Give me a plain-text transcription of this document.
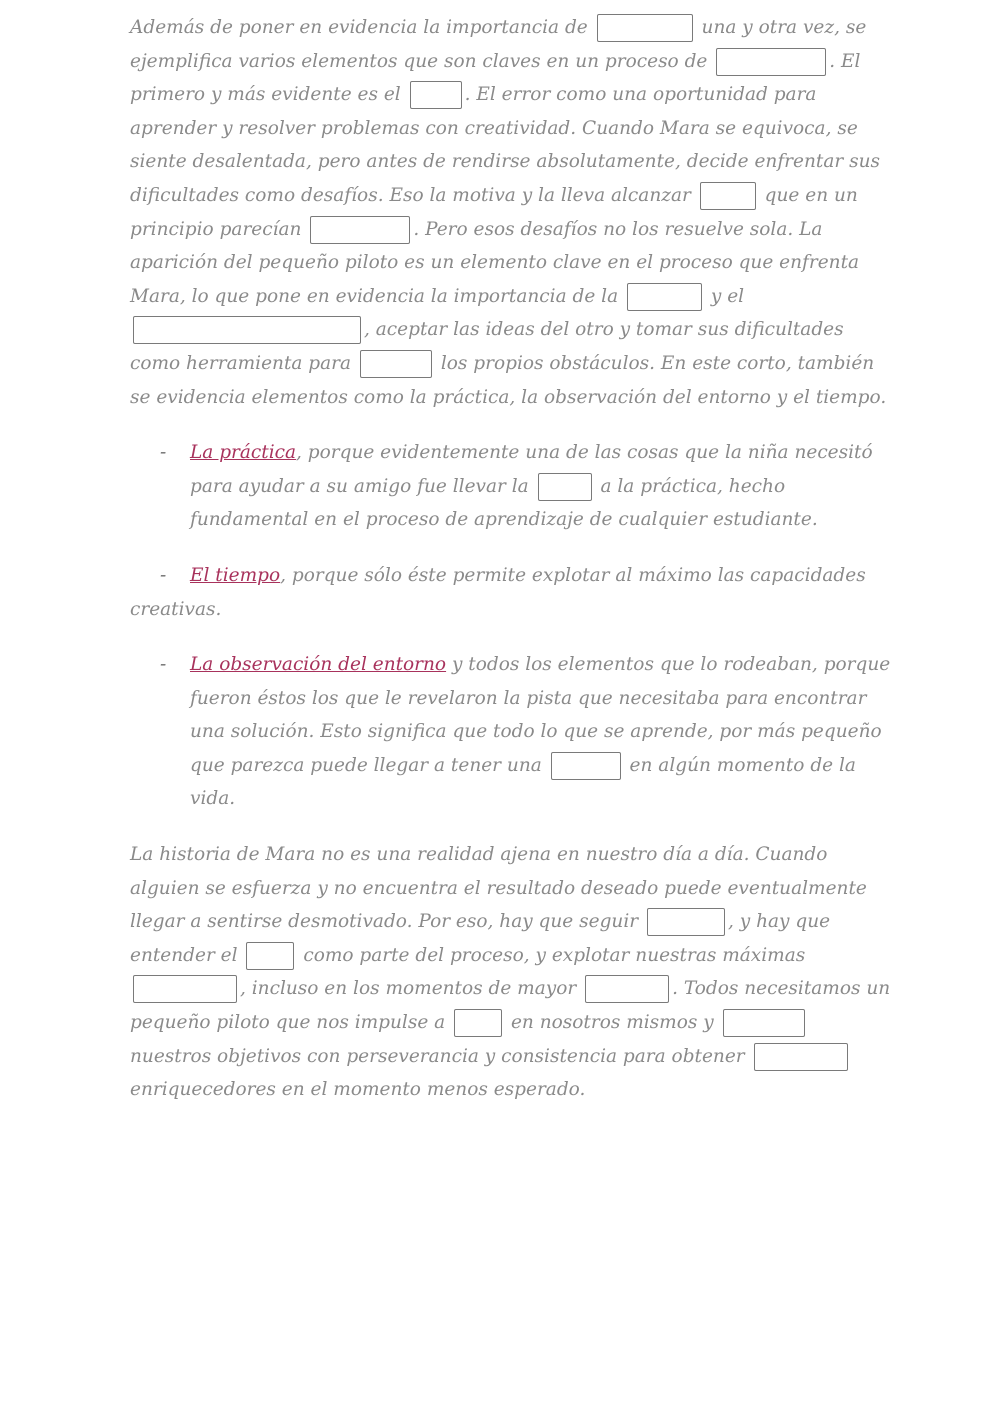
Además de poner en evidencia la importancia de	una y otra vez, se ejemplifica varios elementos que son claves en un proceso de	. El primero y más evidente es el	. El error como una oportunidad para aprender y resolver problemas con creatividad. Cuando Mara se equivoca, se siente desalentada, pero antes de rendirse absolutamente, decide enfrentar sus dificultades como desafíos. Eso la motiva y la lleva alcanzar	que en un principio parecían	. Pero esos desafíos no los resuelve sola. La aparición del pequeño piloto es un elemento clave en el proceso que enfrenta Mara, lo que pone en evidencia la importancia de la	y el , aceptar las ideas del otro y tomar sus dificultades como herramienta para	los propios obstáculos. En este corto, también se evidencia elementos como la práctica, la observación del entorno y el tiempo.

- La práctica, porque evidentemente una de las cosas que la niña necesitó para ayudar a su amigo fue llevar la	a la práctica, hecho fundamental en el proceso de aprendizaje de cualquier estudiante.

- El tiempo, porque sólo éste permite explotar al máximo las capacidades creativas.

- La observación del entorno y todos los elementos que lo rodeaban, porque fueron éstos los que le revelaron la pista que necesitaba para encontrar una solución. Esto significa que todo lo que se aprende, por más pequeño que parezca puede llegar a tener una	en algún momento de la vida.

La historia de Mara no es una realidad ajena en nuestro día a día. Cuando alguien se esfuerza y no encuentra el resultado deseado puede eventualmente llegar a sentirse desmotivado. Por eso, hay que seguir	, y hay que entender el	como parte del proceso, y explotar nuestras máximas , incluso en los momentos de mayor	. Todos necesitamos un pequeño piloto que nos impulse a	en nosotros mismos y  nuestros objetivos con perseverancia y consistencia para obtener  enriquecedores en el momento menos esperado.
